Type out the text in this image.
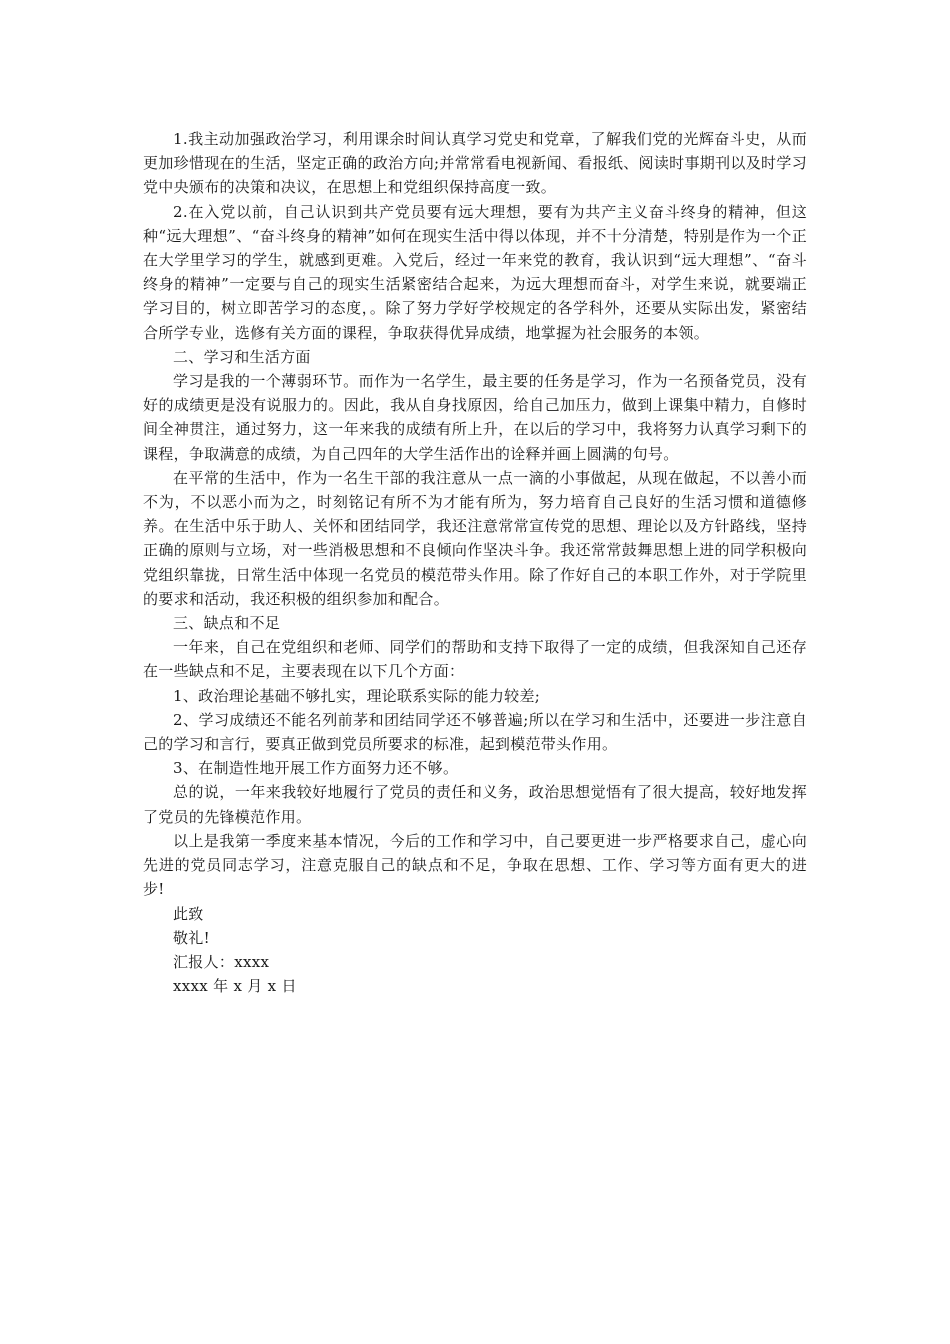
1.我主动加强政治学习，利用课余时间认真学习党史和党章，了解我们党的光辉奋斗史，从而更加珍惜现在的生活，坚定正确的政治方向;并常常看电视新闻、看报纸、阅读时事期刊以及时学习党中央颁布的决策和决议，在思想上和党组织保持高度一致。

2.在入党以前，自己认识到共产党员要有远大理想，要有为共产主义奋斗终身的精神，但这种“远大理想”、“奋斗终身的精神”如何在现实生活中得以体现，并不十分清楚，特别是作为一个正在大学里学习的学生，就感到更难。入党后，经过一年来党的教育，我认识到“远大理想”、“奋斗终身的精神”一定要与自己的现实生活紧密结合起来，为远大理想而奋斗，对学生来说，就要端正学习目的，树立即苦学习的态度，。除了努力学好学校规定的各学科外，还要从实际出发，紧密结合所学专业，选修有关方面的课程，争取获得优异成绩，地掌握为社会服务的本领。

二、学习和生活方面

学习是我的一个薄弱环节。而作为一名学生，最主要的任务是学习，作为一名预备党员，没有好的成绩更是没有说服力的。因此，我从自身找原因，给自己加压力，做到上课集中精力，自修时间全神贯注，通过努力，这一年来我的成绩有所上升，在以后的学习中，我将努力认真学习剩下的课程，争取满意的成绩，为自己四年的大学生活作出的诠释并画上圆满的句号。

在平常的生活中，作为一名生干部的我注意从一点一滴的小事做起，从现在做起，不以善小而不为，不以恶小而为之，时刻铭记有所不为才能有所为，努力培育自己良好的生活习惯和道德修养。在生活中乐于助人、关怀和团结同学，我还注意常常宣传党的思想、理论以及方针路线，坚持正确的原则与立场，对一些消极思想和不良倾向作坚决斗争。我还常常鼓舞思想上进的同学积极向党组织靠拢，日常生活中体现一名党员的模范带头作用。除了作好自己的本职工作外，对于学院里的要求和活动，我还积极的组织参加和配合。

三、缺点和不足

一年来，自己在党组织和老师、同学们的帮助和支持下取得了一定的成绩，但我深知自己还存在一些缺点和不足，主要表现在以下几个方面：

1、政治理论基础不够扎实，理论联系实际的能力较差;

2、学习成绩还不能名列前茅和团结同学还不够普遍;所以在学习和生活中，还要进一步注意自己的学习和言行，要真正做到党员所要求的标准，起到模范带头作用。

3、在制造性地开展工作方面努力还不够。

总的说，一年来我较好地履行了党员的责任和义务，政治思想觉悟有了很大提高，较好地发挥了党员的先锋模范作用。

以上是我第一季度来基本情况，今后的工作和学习中，自己要更进一步严格要求自己，虚心向先进的党员同志学习，注意克服自己的缺点和不足，争取在思想、工作、学习等方面有更大的进步!

此致

敬礼!

汇报人：xxxx

xxxx 年 x 月 x 日
